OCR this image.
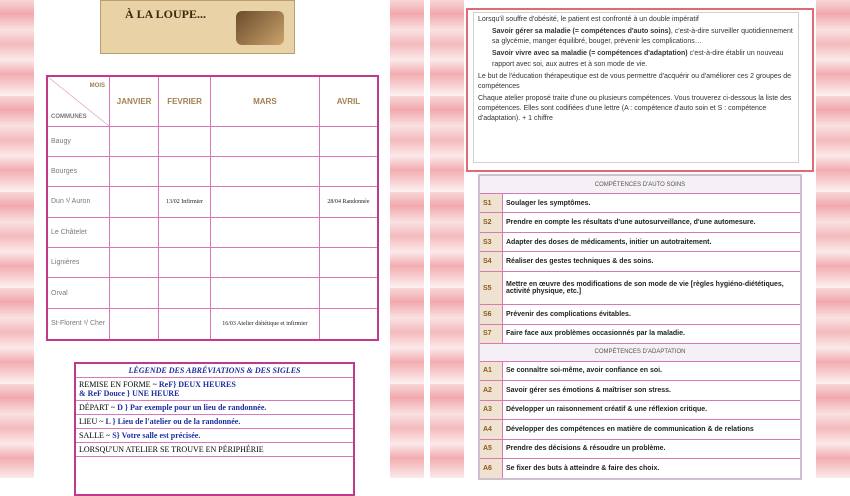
À LA LOUPE...
MOIS
COMMUNES	JANVIER	FEVRIER	MARS	AVRIL
Baugy				
Bourges				
Dun ˢ/ Auron		13/02 Infirmier		28/04 Randonnée
Le Châtelet				
Lignières				
Orval				
St-Florent ˢ/ Cher			16/03 Atelier diététique et infirmier	
LÉGENDE DES ABRÉVIATIONS & DES SIGLES
REMISE EN FORME ~ ReF} DEUX HEURES
& ReF Douce } UNE HEURE
DÉPART ~ D } Par exemple pour un lieu de randonnée.
LIEU ~ L } Lieu de l'atelier ou de la randonnée.
SALLE ~ S} Votre salle est précisée.
LORSQU'UN ATELIER SE TROUVE EN PÉRIPHÉRIE

Lorsqu'il souffre d'obésité, le patient est confronté à un double impératif

Savoir gérer sa maladie (= compétences d'auto soins), c'est-à-dire surveiller quotidiennement sa glycémie, manger équilibré, bouger, prévenir les complications…

Savoir vivre avec sa maladie (= compétences d'adaptation) c'est-à-dire établir un nouveau rapport avec soi, aux autres et à son mode de vie.

Le but de l'éducation thérapeutique est de vous permettre d'acquérir ou d'améliorer ces 2 groupes de compétences

Chaque atelier proposé traite d'une ou plusieurs compétences. Vous trouverez ci-dessous la liste des compétences. Elles sont codifiées d'une lettre (A : compétence d'auto soin et S : compétence d'adaptation). + 1 chiffre

COMPÉTENCES D'AUTO SOINS	
S1	Soulager les symptômes.
S2	Prendre en compte les résultats d'une autosurveillance, d'une automesure.
S3	Adapter des doses de médicaments, initier un autotraitement.
S4	Réaliser des gestes techniques & des soins.
S5	Mettre en œuvre des modifications de son mode de vie [règles hygiéno-diététiques, activité physique, etc.]
S6	Prévenir des complications évitables.
S7	Faire face aux problèmes occasionnés par la maladie.
COMPÉTENCES D'ADAPTATION	
A1	Se connaître soi-même, avoir confiance en soi.
A2	Savoir gérer ses émotions & maîtriser son stress.
A3	Développer un raisonnement créatif & une réflexion critique.
A4	Développer des compétences en matière de communication & de relations
A5	Prendre des décisions & résoudre un problème.
A6	Se fixer des buts à atteindre & faire des choix.
